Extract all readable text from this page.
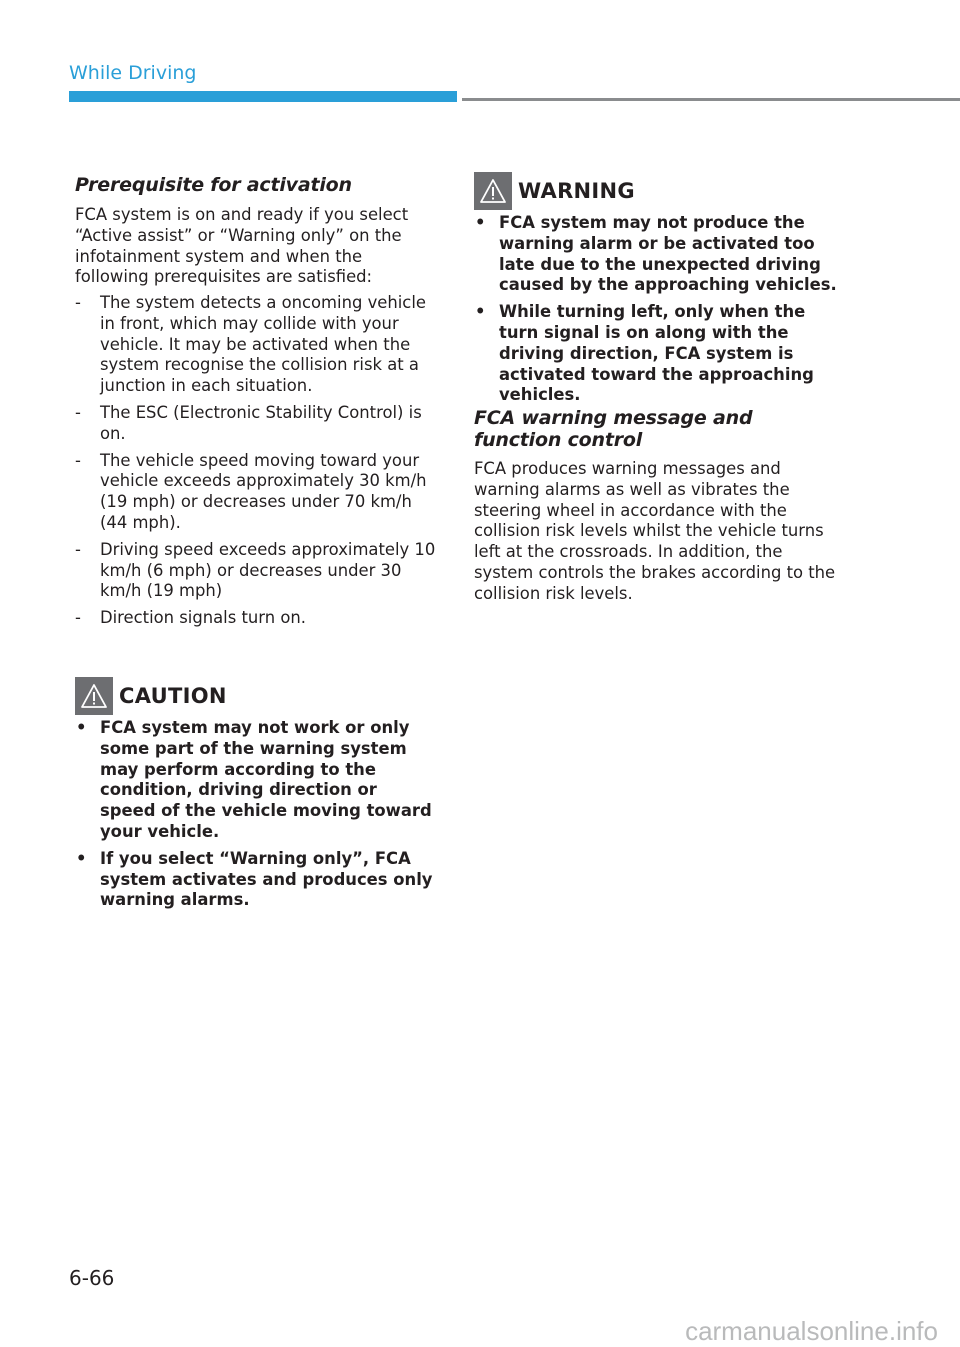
While Driving
Prerequisite for activation

FCA system is on and ready if you select “Active assist” or “Warning only” on the infotainment system and when the following prerequisites are satisfied:

- The system detects a oncoming vehicle in front, which may collide with your vehicle. It may be activated when the system recognise the collision risk at a junction in each situation.
- The ESC (Electronic Stability Control) is on.
- The vehicle speed moving toward your vehicle exceeds approximately 30 km/h (19 mph) or decreases under 70 km/h (44 mph).
- Driving speed exceeds approximately 10 km/h (6 mph) or decreases under 30 km/h (19 mph)
- Direction signals turn on.
CAUTION
• FCA system may not work or only some part of the warning system may perform according to the condition, driving direction or speed of the vehicle moving toward your vehicle.
• If you select “Warning only”, FCA system activates and produces only warning alarms.
WARNING
• FCA system may not produce the warning alarm or be activated too late due to the unexpected driving caused by the approaching vehicles.
• While turning left, only when the turn signal is on along with the driving direction, FCA system is activated toward the approaching vehicles.
FCA warning message and function control

FCA produces warning messages and warning alarms as well as vibrates the steering wheel in accordance with the collision risk levels whilst the vehicle turns left at the crossroads. In addition, the system controls the brakes according to the collision risk levels.

6-66
carmanualsonline.info
